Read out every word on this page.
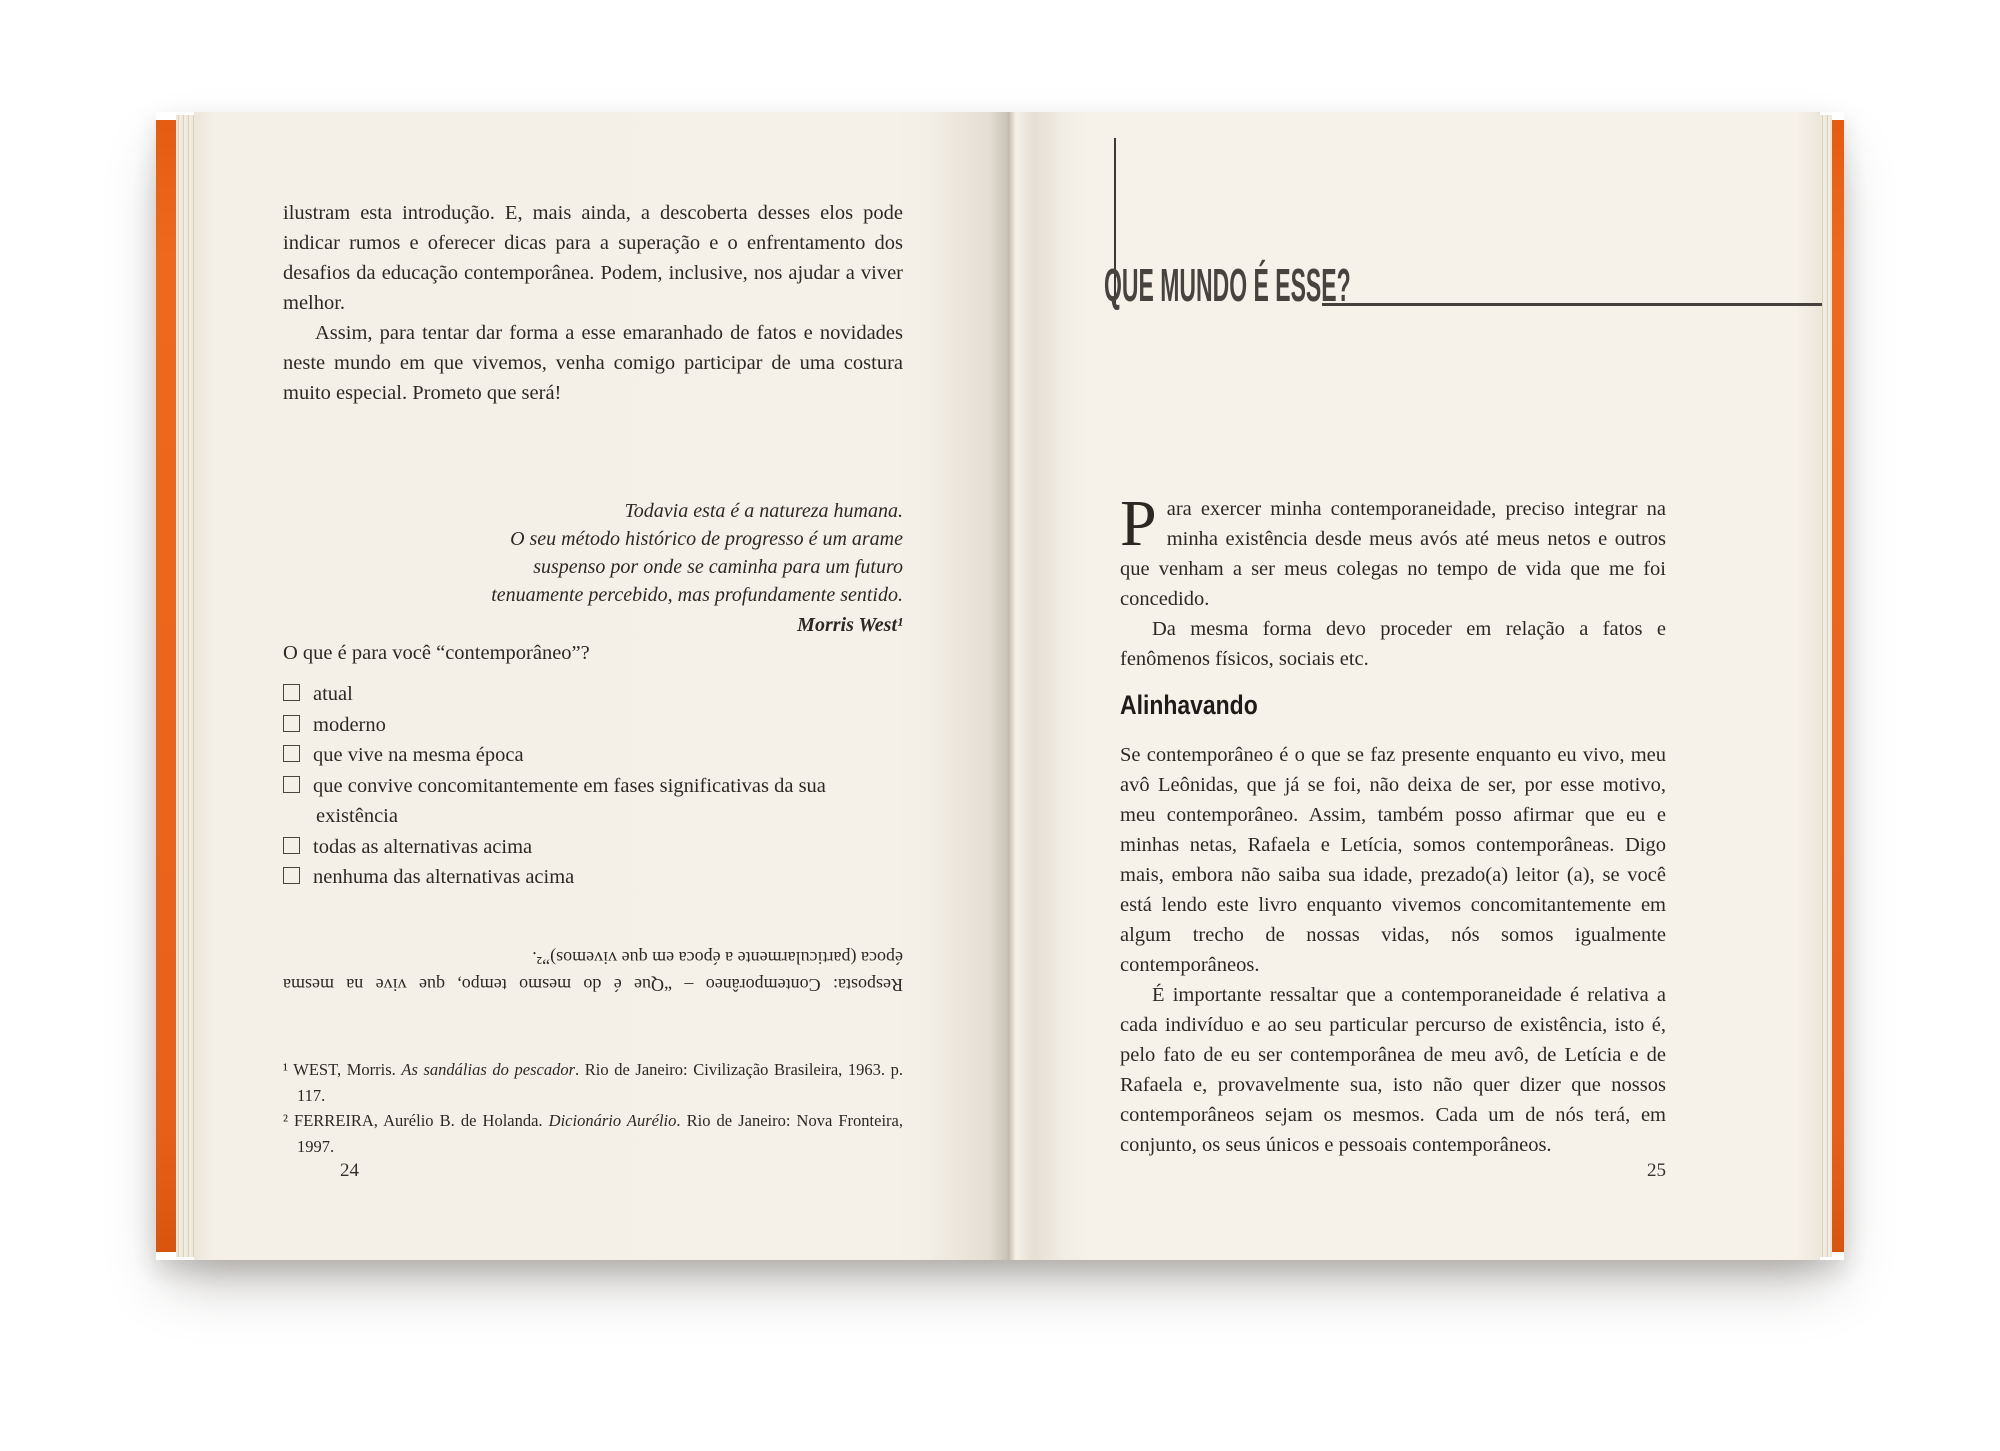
ilustram esta introdução. E, mais ainda, a descoberta desses elos pode indicar rumos e oferecer dicas para a superação e o enfrentamento dos desafios da educação contemporânea. Podem, inclusive, nos ajudar a viver melhor.

Assim, para tentar dar forma a esse emaranhado de fatos e novidades neste mundo em que vivemos, venha comigo participar de uma costura muito especial. Prometo que será!

Todavia esta é a natureza humana.
O seu método histórico de progresso é um arame
suspenso por onde se caminha para um futuro
tenuamente percebido, mas profundamente sentido.
Morris West¹
O que é para você “contemporâneo”?
atual
moderno
que vive na mesma época
que convive concomitantemente em fases significativas da sua existência
todas as alternativas acima
nenhuma das alternativas acima
Resposta: Contemporâneo – “Que é do mesmo tempo, que vive na mesma
época (particularmente a época em que vivemos)”².
¹ WEST, Morris. As sandálias do pescador. Rio de Janeiro: Civilização Brasileira, 1963. p. 117.
² FERREIRA, Aurélio B. de Holanda. Dicionário Aurélio. Rio de Janeiro: Nova Fronteira, 1997.
24
QUE MUNDO É ESSE?

Para exercer minha contemporaneidade, preciso integrar na minha existência desde meus avós até meus netos e outros que venham a ser meus colegas no tempo de vida que me foi concedido.

Da mesma forma devo proceder em relação a fatos e fenômenos físicos, sociais etc.

Alinhavando

Se contemporâneo é o que se faz presente enquanto eu vivo, meu avô Leônidas, que já se foi, não deixa de ser, por esse motivo, meu contemporâneo. Assim, também posso afirmar que eu e minhas netas, Rafaela e Letícia, somos contemporâneas. Digo mais, embora não saiba sua idade, prezado(a) leitor (a), se você está lendo este livro enquanto vivemos concomitantemente em algum trecho de nossas vidas, nós somos igualmente contemporâneos.

É importante ressaltar que a contemporaneidade é relativa a cada indivíduo e ao seu particular percurso de existência, isto é, pelo fato de eu ser contemporânea de meu avô, de Letícia e de Rafaela e, provavelmente sua, isto não quer dizer que nossos contemporâneos sejam os mesmos. Cada um de nós terá, em conjunto, os seus únicos e pessoais contemporâneos.

25
